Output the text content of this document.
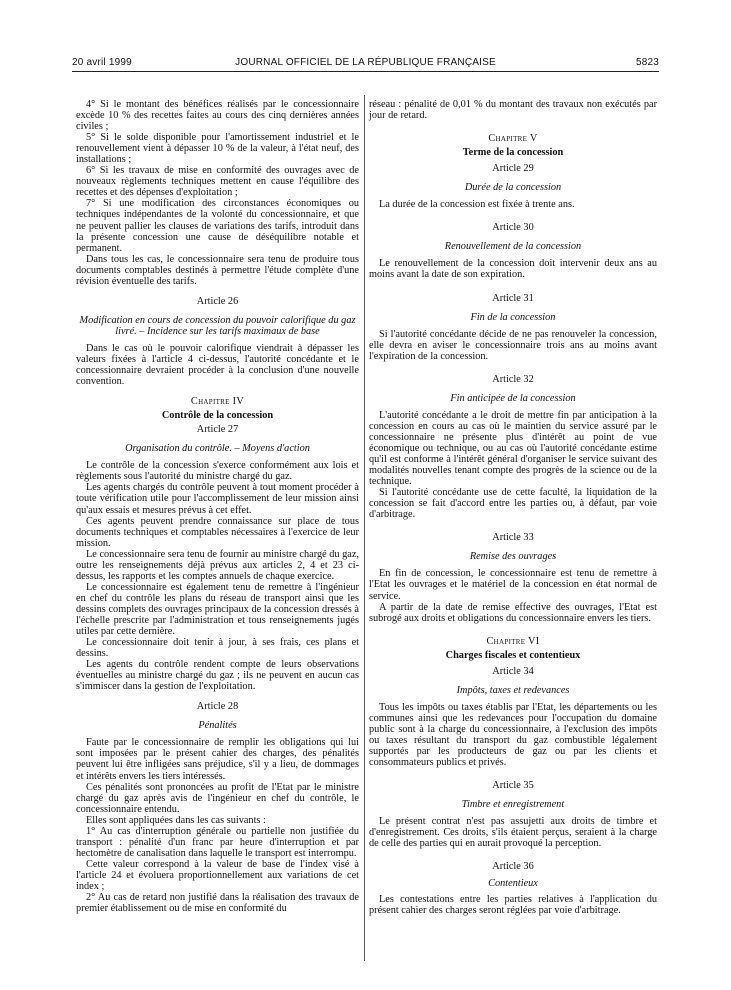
20 avril 1999	JOURNAL OFFICIEL DE LA RÉPUBLIQUE FRANÇAISE	5823

4° Si le montant des bénéfices réalisés par le concessionnaire excède 10 % des recettes faites au cours des cinq dernières années civiles ;

5° Si le solde disponible pour l'amortissement industriel et le renouvellement vient à dépasser 10 % de la valeur, à l'état neuf, des installations ;

6° Si les travaux de mise en conformité des ouvrages avec de nouveaux règlements techniques mettent en cause l'équilibre des recettes et des dépenses d'exploitation ;

7° Si une modification des circonstances économiques ou techniques indépendantes de la volonté du concessionnaire, et que ne peuvent pallier les clauses de variations des tarifs, introduit dans la présente concession une cause de déséquilibre notable et permanent.

Dans tous les cas, le concessionnaire sera tenu de produire tous documents comptables destinés à permettre l'étude complète d'une révision éventuelle des tarifs.

Article 26
Modification en cours de concession du pouvoir calorifique du gaz livré. – Incidence sur les tarifs maximaux de base

Dans le cas où le pouvoir calorifique viendrait à dépasser les valeurs fixées à l'article 4 ci-dessus, l'autorité concédante et le concessionnaire devraient procéder à la conclusion d'une nouvelle convention.

Chapitre IV
Contrôle de la concession
Article 27
Organisation du contrôle. – Moyens d'action

Le contrôle de la concession s'exerce conformément aux lois et règlements sous l'autorité du ministre chargé du gaz.

Les agents chargés du contrôle peuvent à tout moment procéder à toute vérification utile pour l'accomplissement de leur mission ainsi qu'aux essais et mesures prévus à cet effet.

Ces agents peuvent prendre connaissance sur place de tous documents techniques et comptables nécessaires à l'exercice de leur mission.

Le concessionnaire sera tenu de fournir au ministre chargé du gaz, outre les renseignements déjà prévus aux articles 2, 4 et 23 ci-dessus, les rapports et les comptes annuels de chaque exercice.

Le concessionnaire est également tenu de remettre à l'ingénieur en chef du contrôle les plans du réseau de transport ainsi que les dessins complets des ouvrages principaux de la concession dressés à l'échelle prescrite par l'administration et tous renseignements jugés utiles par cette dernière.

Le concessionnaire doit tenir à jour, à ses frais, ces plans et dessins.

Les agents du contrôle rendent compte de leurs observations éventuelles au ministre chargé du gaz ; ils ne peuvent en aucun cas s'immiscer dans la gestion de l'exploitation.

Article 28
Pénalités

Faute par le concessionnaire de remplir les obligations qui lui sont imposées par le présent cahier des charges, des pénalités peuvent lui être infligées sans préjudice, s'il y a lieu, de dommages et intérêts envers les tiers intéressés.

Ces pénalités sont prononcées au profit de l'Etat par le ministre chargé du gaz après avis de l'ingénieur en chef du contrôle, le concessionnaire entendu.

Elles sont appliquées dans les cas suivants :

1° Au cas d'interruption générale ou partielle non justifiée du transport : pénalité d'un franc par heure d'interruption et par hectomètre de canalisation dans laquelle le transport est interrompu.

Cette valeur correspond à la valeur de base de l'index visé à l'article 24 et évoluera proportionnellement aux variations de cet index ;

2° Au cas de retard non justifié dans la réalisation des travaux de premier établissement ou de mise en conformité du

réseau : pénalité de 0,01 % du montant des travaux non exécutés par jour de retard.

Chapitre V
Terme de la concession
Article 29
Durée de la concession

La durée de la concession est fixée à trente ans.

Article 30
Renouvellement de la concession

Le renouvellement de la concession doit intervenir deux ans au moins avant la date de son expiration.

Article 31
Fin de la concession

Si l'autorité concédante décide de ne pas renouveler la concession, elle devra en aviser le concessionnaire trois ans au moins avant l'expiration de la concession.

Article 32
Fin anticipée de la concession

L'autorité concédante a le droit de mettre fin par anticipation à la concession en cours au cas où le maintien du service assuré par le concessionnaire ne présente plus d'intérêt au point de vue économique ou technique, ou au cas où l'autorité concédante estime qu'il est conforme à l'intérêt général d'organiser le service suivant des modalités nouvelles tenant compte des progrès de la science ou de la technique.

Si l'autorité concédante use de cette faculté, la liquidation de la concession se fait d'accord entre les parties ou, à défaut, par voie d'arbitrage.

Article 33
Remise des ouvrages

En fin de concession, le concessionnaire est tenu de remettre à l'Etat les ouvrages et le matériel de la concession en état normal de service.

A partir de la date de remise effective des ouvrages, l'Etat est subrogé aux droits et obligations du concessionnaire envers les tiers.

Chapitre VI
Charges fiscales et contentieux
Article 34
Impôts, taxes et redevances

Tous les impôts ou taxes établis par l'Etat, les départements ou les communes ainsi que les redevances pour l'occupation du domaine public sont à la charge du concessionnaire, à l'exclusion des impôts ou taxes résultant du transport du gaz combustible légalement supportés par les producteurs de gaz ou par les clients et consommateurs publics et privés.

Article 35
Timbre et enregistrement

Le présent contrat n'est pas assujetti aux droits de timbre et d'enregistrement. Ces droits, s'ils étaient perçus, seraient à la charge de celle des parties qui en aurait provoqué la perception.

Article 36
Contentieux

Les contestations entre les parties relatives à l'application du présent cahier des charges seront réglées par voie d'arbitrage.
